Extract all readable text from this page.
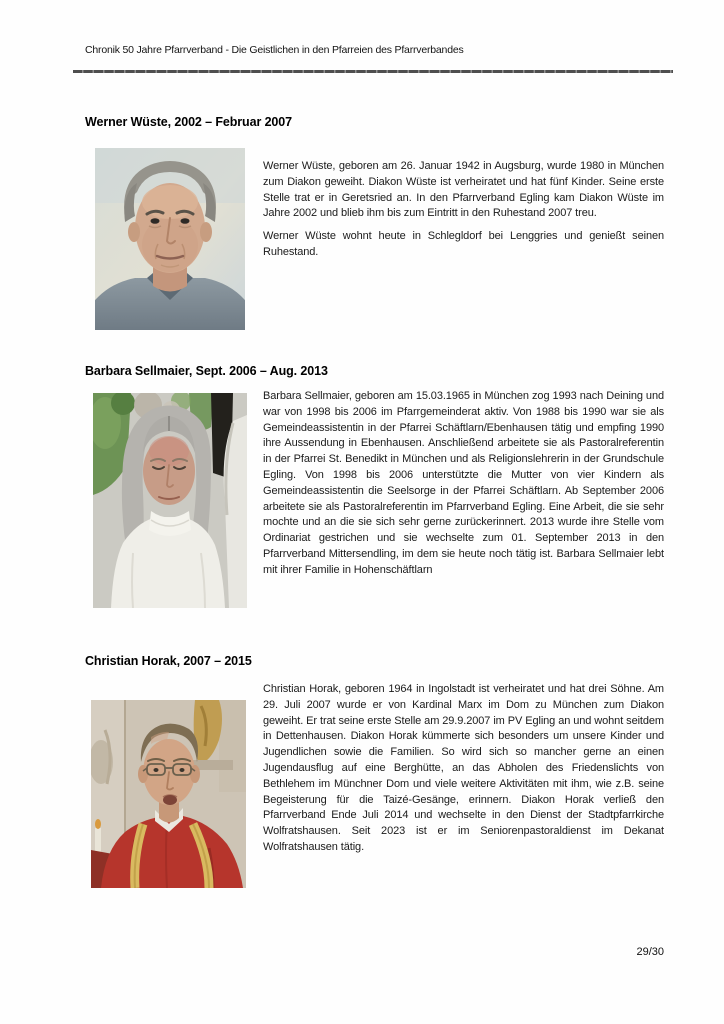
Chronik 50 Jahre Pfarrverband - Die Geistlichen in den Pfarreien des Pfarrverbandes
Werner Wüste, 2002 – Februar 2007

Werner Wüste, geboren am 26. Januar 1942 in Augsburg, wurde 1980 in München zum Diakon geweiht. Diakon Wüste ist verheiratet und hat fünf Kinder. Seine erste Stelle trat er in Geretsried an. In den Pfarrverband Egling kam Diakon Wüste im Jahre 2002 und blieb ihm bis zum Eintritt in den Ruhestand 2007 treu.

Werner Wüste wohnt heute in Schlegldorf bei Lenggries und genießt seinen Ruhestand.

Barbara Sellmaier, Sept. 2006 – Aug. 2013

Barbara Sellmaier, geboren am 15.03.1965 in München zog 1993 nach Deining und war von 1998 bis 2006 im Pfarrgemeinderat aktiv. Von 1988 bis 1990 war sie als Gemeindeassistentin in der Pfarrei Schäftlarn/Ebenhausen tätig und empfing 1990 ihre Aussendung in Ebenhausen. Anschließend arbeitete sie als Pastoralreferentin in der Pfarrei St. Benedikt in München und als Religionslehrerin in der Grundschule Egling. Von 1998 bis 2006 unterstützte die Mutter von vier Kindern als Gemeindeassistentin die Seelsorge in der Pfarrei Schäftlarn. Ab September 2006 arbeitete sie als Pastoralreferentin im Pfarrverband Egling. Eine Arbeit, die sie sehr mochte und an die sie sich sehr gerne zurückerinnert. 2013 wurde ihre Stelle vom Ordinariat gestrichen und sie wechselte zum 01. September 2013 in den Pfarrverband Mittersendling, im dem sie heute noch tätig ist. Barbara Sellmaier lebt mit ihrer Familie in Hohenschäftlarn

Christian Horak, 2007 – 2015

Christian Horak, geboren 1964 in Ingolstadt ist verheiratet und hat drei Söhne. Am 29. Juli 2007 wurde er von Kardinal Marx im Dom zu München zum Diakon geweiht. Er trat seine erste Stelle am 29.9.2007 im PV Egling an und wohnt seitdem in Dettenhausen. Diakon Horak kümmerte sich besonders um unsere Kinder und Jugendlichen sowie die Familien. So wird sich so mancher gerne an einen Jugendausflug auf eine Berghütte, an das Abholen des Friedenslichts von Bethlehem im Münchner Dom und viele weitere Aktivitäten mit ihm, wie z.B. seine Begeisterung für die Taizé-Gesänge, erinnern. Diakon Horak verließ den Pfarrverband Ende Juli 2014 und wechselte in den Dienst der Stadtpfarrkirche Wolfratshausen. Seit 2023 ist er im Seniorenpastoraldienst im Dekanat Wolfratshausen tätig.

29/30
